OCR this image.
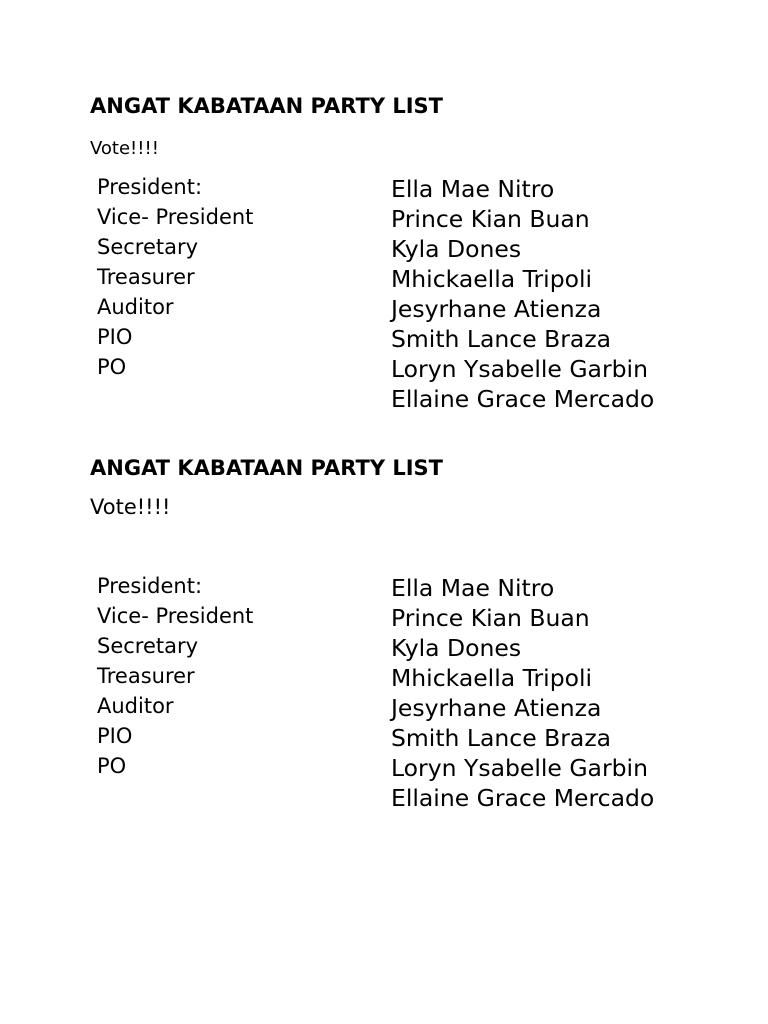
ANGAT KABATAAN PARTY LIST
Vote!!!!
President:
Vice- President
Secretary
Treasurer
Auditor
PIO
PO
Ella Mae Nitro
Prince Kian Buan
Kyla Dones
Mhickaella Tripoli
Jesyrhane Atienza
Smith Lance Braza
Loryn Ysabelle Garbin
Ellaine Grace Mercado
ANGAT KABATAAN PARTY LIST
Vote!!!!
President:
Vice- President
Secretary
Treasurer
Auditor
PIO
PO
Ella Mae Nitro
Prince Kian Buan
Kyla Dones
Mhickaella Tripoli
Jesyrhane Atienza
Smith Lance Braza
Loryn Ysabelle Garbin
Ellaine Grace Mercado
